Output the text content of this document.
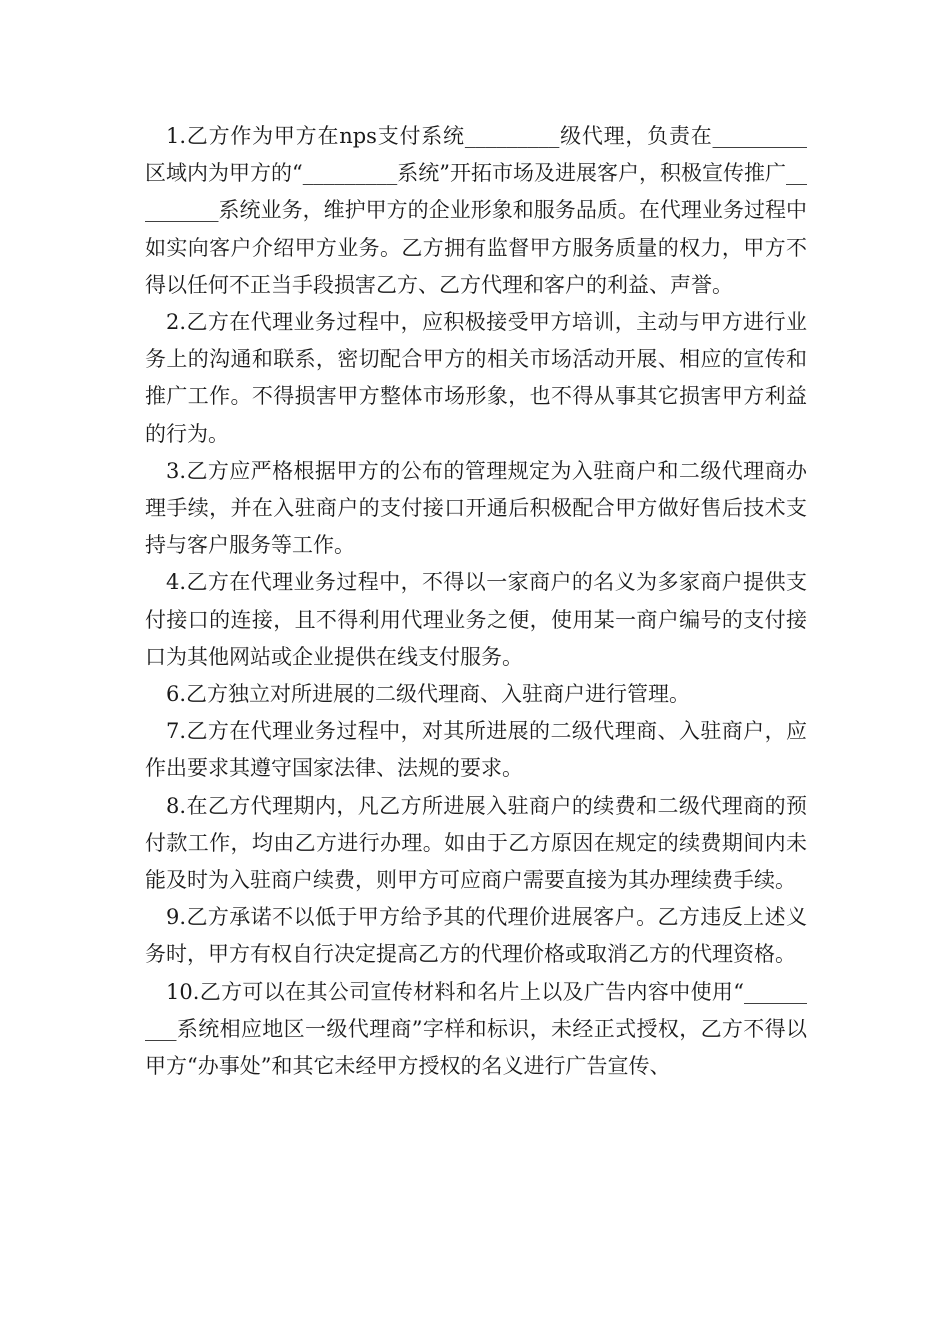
1.乙方作为甲方在nps支付系统_________级代理，负责在_________区域内为甲方的“_________系统”开拓市场及进展客户，积极宣传推广_________系统业务，维护甲方的企业形象和服务品质。在代理业务过程中如实向客户介绍甲方业务。乙方拥有监督甲方服务质量的权力，甲方不得以任何不正当手段损害乙方、乙方代理和客户的利益、声誉。

2.乙方在代理业务过程中，应积极接受甲方培训，主动与甲方进行业务上的沟通和联系，密切配合甲方的相关市场活动开展、相应的宣传和推广工作。不得损害甲方整体市场形象，也不得从事其它损害甲方利益的行为。

3.乙方应严格根据甲方的公布的管理规定为入驻商户和二级代理商办理手续，并在入驻商户的支付接口开通后积极配合甲方做好售后技术支持与客户服务等工作。

4.乙方在代理业务过程中，不得以一家商户的名义为多家商户提供支付接口的连接，且不得利用代理业务之便，使用某一商户编号的支付接口为其他网站或企业提供在线支付服务。

6.乙方独立对所进展的二级代理商、入驻商户进行管理。

7.乙方在代理业务过程中，对其所进展的二级代理商、入驻商户，应作出要求其遵守国家法律、法规的要求。

8.在乙方代理期内，凡乙方所进展入驻商户的续费和二级代理商的预付款工作，均由乙方进行办理。如由于乙方原因在规定的续费期间内未能及时为入驻商户续费，则甲方可应商户需要直接为其办理续费手续。

9.乙方承诺不以低于甲方给予其的代理价进展客户。乙方违反上述义务时，甲方有权自行决定提高乙方的代理价格或取消乙方的代理资格。

10.乙方可以在其公司宣传材料和名片上以及广告内容中使用“_________系统相应地区一级代理商”字样和标识，未经正式授权，乙方不得以甲方“办事处”和其它未经甲方授权的名义进行广告宣传、
